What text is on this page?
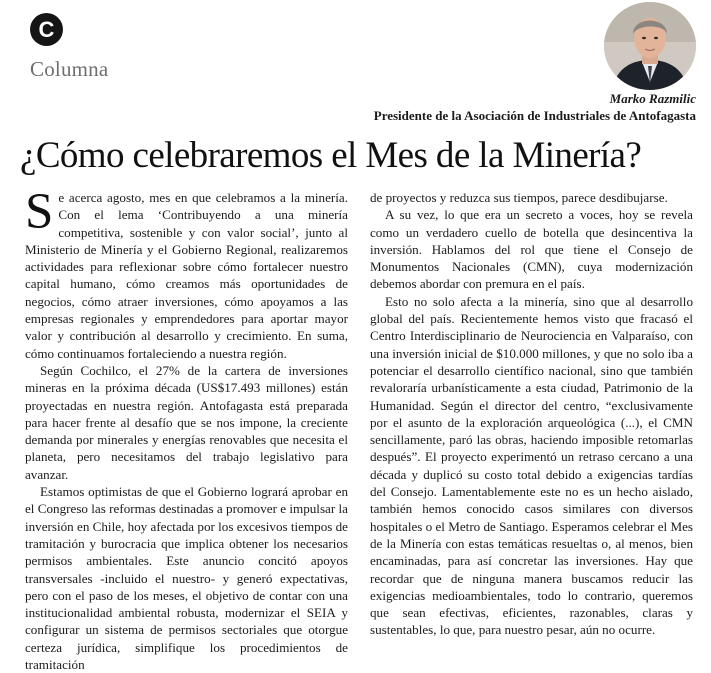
C
Columna
Marko Razmilic
Presidente de la Asociación de Industriales de Antofagasta
¿Cómo celebraremos el Mes de la Minería?

Se acerca agosto, mes en que celebramos a la minería. Con el lema ‘Contribuyendo a una minería competitiva, sostenible y con valor social’, junto al Ministerio de Minería y el Gobierno Regional, realizaremos actividades para reflexionar sobre cómo fortalecer nuestro capital humano, cómo creamos más oportunidades de negocios, cómo atraer inversiones, cómo apoyamos a las empresas regionales y emprendedores para aportar mayor valor y contribución al desarrollo y crecimiento. En suma, cómo continuamos fortaleciendo a nuestra región.

Según Cochilco, el 27% de la cartera de inversiones mineras en la próxima década (US$17.493 millones) están proyectadas en nuestra región. Antofagasta está preparada para hacer frente al desafío que se nos impone, la creciente demanda por minerales y energías renovables que necesita el planeta, pero necesitamos del trabajo legislativo para avanzar.

Estamos optimistas de que el Gobierno logrará aprobar en el Congreso las reformas destinadas a promover e impulsar la inversión en Chile, hoy afectada por los excesivos tiempos de tramitación y burocracia que implica obtener los necesarios permisos ambientales. Este anuncio concitó apoyos transversales -incluido el nuestro- y generó expectativas, pero con el paso de los meses, el objetivo de contar con una institucionalidad ambiental robusta, modernizar el SEIA y configurar un sistema de permisos sectoriales que otorgue certeza jurídica, simplifique los procedimientos de tramitación

de proyectos y reduzca sus tiempos, parece desdibujarse.

A su vez, lo que era un secreto a voces, hoy se revela como un verdadero cuello de botella que desincentiva la inversión. Hablamos del rol que tiene el Consejo de Monumentos Nacionales (CMN), cuya modernización debemos abordar con premura en el país.

Esto no solo afecta a la minería, sino que al desarrollo global del país. Recientemente hemos visto que fracasó el Centro Interdisciplinario de Neurociencia en Valparaíso, con una inversión inicial de $10.000 millones, y que no solo iba a potenciar el desarrollo científico nacional, sino que también revaloraría urbanísticamente a esta ciudad, Patrimonio de la Humanidad. Según el director del centro, “exclusivamente por el asunto de la exploración arqueológica (...), el CMN sencillamente, paró las obras, haciendo imposible retomarlas después”. El proyecto experimentó un retraso cercano a una década y duplicó su costo total debido a exigencias tardías del Consejo. Lamentablemente este no es un hecho aislado, también hemos conocido casos similares con diversos hospitales o el Metro de Santiago. Esperamos celebrar el Mes de la Minería con estas temáticas resueltas o, al menos, bien encaminadas, para así concretar las inversiones. Hay que recordar que de ninguna manera buscamos reducir las exigencias medioambientales, todo lo contrario, queremos que sean efectivas, eficientes, razonables, claras y sustentables, lo que, para nuestro pesar, aún no ocurre.
